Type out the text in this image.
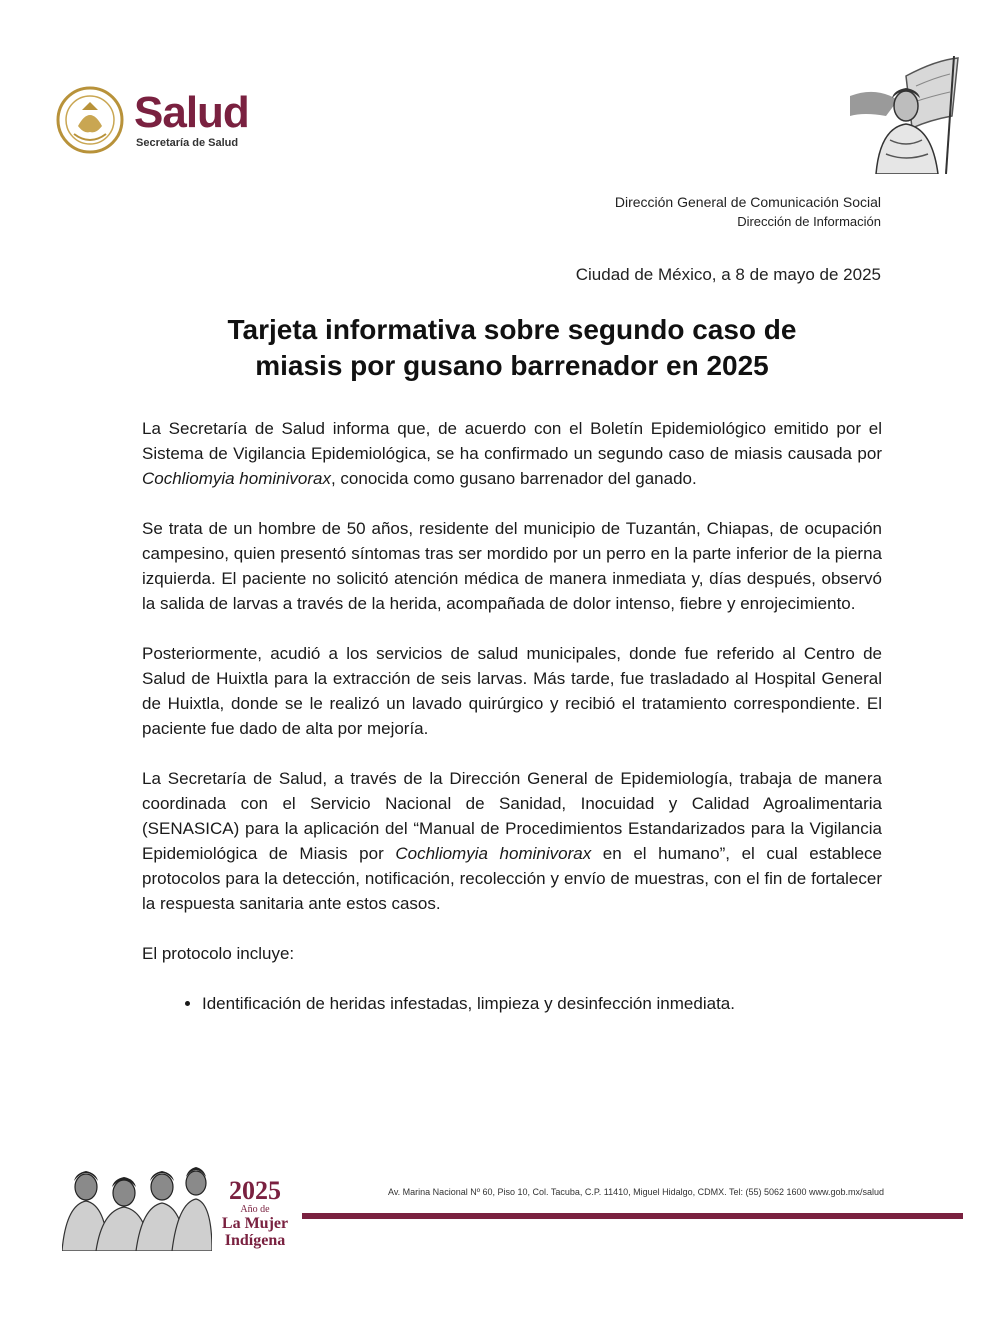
Salud
Secretaría de Salud
Dirección General de Comunicación Social
Dirección de Información
Ciudad de México, a 8 de mayo de 2025
Tarjeta informativa sobre segundo caso de
miasis por gusano barrenador en 2025

La Secretaría de Salud informa que, de acuerdo con el Boletín Epidemiológico emitido por el Sistema de Vigilancia Epidemiológica, se ha confirmado un segundo caso de miasis causada por Cochliomyia hominivorax, conocida como gusano barrenador del ganado.

Se trata de un hombre de 50 años, residente del municipio de Tuzantán, Chiapas, de ocupación campesino, quien presentó síntomas tras ser mordido por un perro en la parte inferior de la pierna izquierda. El paciente no solicitó atención médica de manera inmediata y, días después, observó la salida de larvas a través de la herida, acompañada de dolor intenso, fiebre y enrojecimiento.

Posteriormente, acudió a los servicios de salud municipales, donde fue referido al Centro de Salud de Huixtla para la extracción de seis larvas. Más tarde, fue trasladado al Hospital General de Huixtla, donde se le realizó un lavado quirúrgico y recibió el tratamiento correspondiente. El paciente fue dado de alta por mejoría.

La Secretaría de Salud, a través de la Dirección General de Epidemiología, trabaja de manera coordinada con el Servicio Nacional de Sanidad, Inocuidad y Calidad Agroalimentaria (SENASICA) para la aplicación del “Manual de Procedimientos Estandarizados para la Vigilancia Epidemiológica de Miasis por Cochliomyia hominivorax en el humano”, el cual establece protocolos para la detección, notificación, recolección y envío de muestras, con el fin de fortalecer la respuesta sanitaria ante estos casos.

El protocolo incluye:

• Identificación de heridas infestadas, limpieza y desinfección inmediata.
2025
Año de
La Mujer
Indígena
Av. Marina Nacional Nº 60, Piso 10, Col. Tacuba, C.P. 11410, Miguel Hidalgo, CDMX. Tel: (55) 5062 1600 www.gob.mx/salud
